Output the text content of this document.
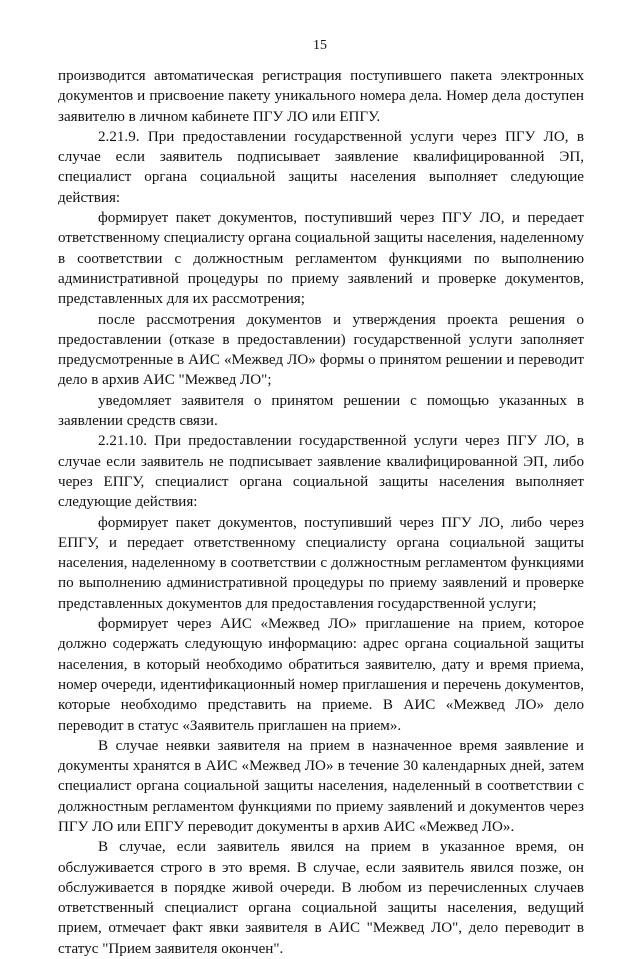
15

производится автоматическая регистрация поступившего пакета электронных документов и присвоение пакету уникального номера дела. Номер дела доступен заявителю в личном кабинете ПГУ ЛО или ЕПГУ.

2.21.9. При предоставлении государственной услуги через ПГУ ЛО, в случае если заявитель подписывает заявление квалифицированной ЭП, специалист органа социальной защиты населения выполняет следующие действия:

формирует пакет документов, поступивший через ПГУ ЛО, и передает ответственному специалисту органа социальной защиты населения, наделенному в соответствии с должностным регламентом функциями по выполнению административной процедуры по приему заявлений и проверке документов, представленных для их рассмотрения;

после рассмотрения документов и утверждения проекта решения о предоставлении (отказе в предоставлении) государственной услуги заполняет предусмотренные в АИС «Межвед ЛО» формы о принятом решении и переводит дело в архив АИС "Межвед ЛО";

уведомляет заявителя о принятом решении с помощью указанных в заявлении средств связи.

2.21.10. При предоставлении государственной услуги через ПГУ ЛО, в случае если заявитель не подписывает заявление квалифицированной ЭП, либо через ЕПГУ, специалист органа социальной защиты населения выполняет следующие действия:

формирует пакет документов, поступивший через ПГУ ЛО, либо через ЕПГУ, и передает ответственному специалисту органа социальной защиты населения, наделенному в соответствии с должностным регламентом функциями по выполнению административной процедуры по приему заявлений и проверке представленных документов для предоставления государственной услуги;

формирует через АИС «Межвед ЛО» приглашение на прием, которое должно содержать следующую информацию: адрес органа социальной защиты населения, в который необходимо обратиться заявителю, дату и время приема, номер очереди, идентификационный номер приглашения и перечень документов, которые необходимо представить на приеме. В АИС «Межвед ЛО» дело переводит в статус «Заявитель приглашен на прием».

В случае неявки заявителя на прием в назначенное время заявление и документы хранятся в АИС «Межвед ЛО» в течение 30 календарных дней, затем специалист органа социальной защиты населения, наделенный в соответствии с должностным регламентом функциями по приему заявлений и документов через ПГУ ЛО или ЕПГУ переводит документы в архив АИС «Межвед ЛО».

В случае, если заявитель явился на прием в указанное время, он обслуживается строго в это время. В случае, если заявитель явился позже, он обслуживается в порядке живой очереди. В любом из перечисленных случаев ответственный специалист органа социальной защиты населения, ведущий прием, отмечает факт явки заявителя в АИС "Межвед ЛО", дело переводит в статус "Прием заявителя окончен".
